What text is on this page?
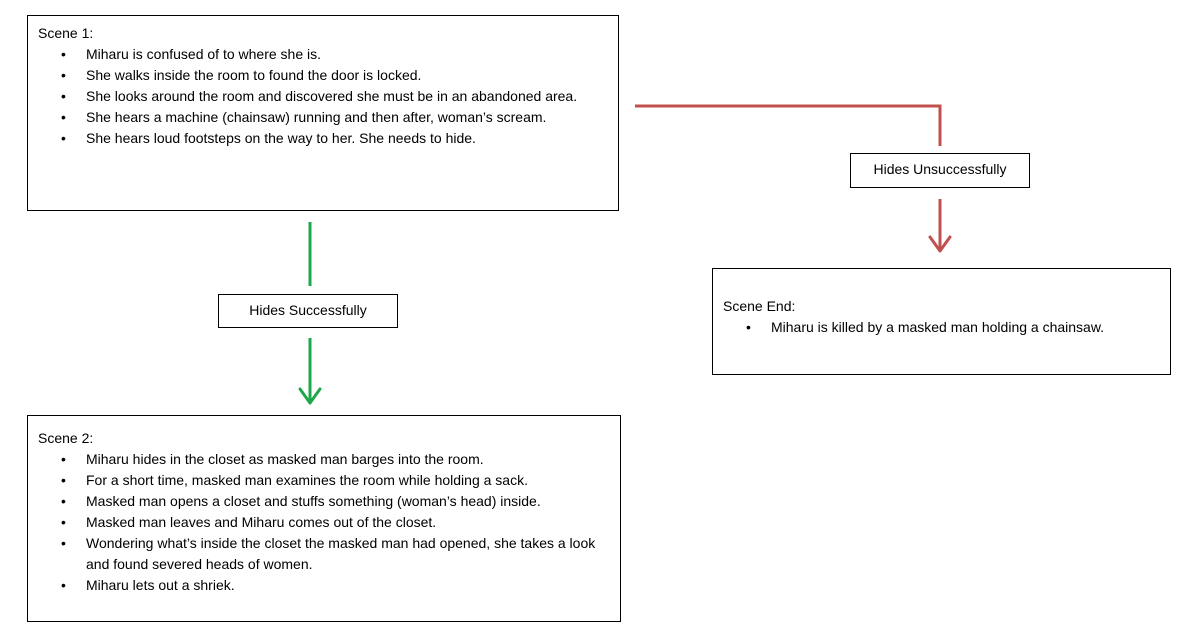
Scene 1:

• Miharu is confused of to where she is.
• She walks inside the room to found the door is locked.
• She looks around the room and discovered she must be in an abandoned area.
• She hears a machine (chainsaw) running and then after, woman’s scream.
• She hears loud footsteps on the way to her. She needs to hide.
Hides Successfully
Hides Unsuccessfully

Scene 2:

• Miharu hides in the closet as masked man barges into the room.
• For a short time, masked man examines the room while holding a sack.
• Masked man opens a closet and stuffs something (woman’s head) inside.
• Masked man leaves and Miharu comes out of the closet.
• Wondering what’s inside the closet the masked man had opened, she takes a look and found severed heads of women.
• Miharu lets out a shriek.

Scene End:

• Miharu is killed by a masked man holding a chainsaw.
